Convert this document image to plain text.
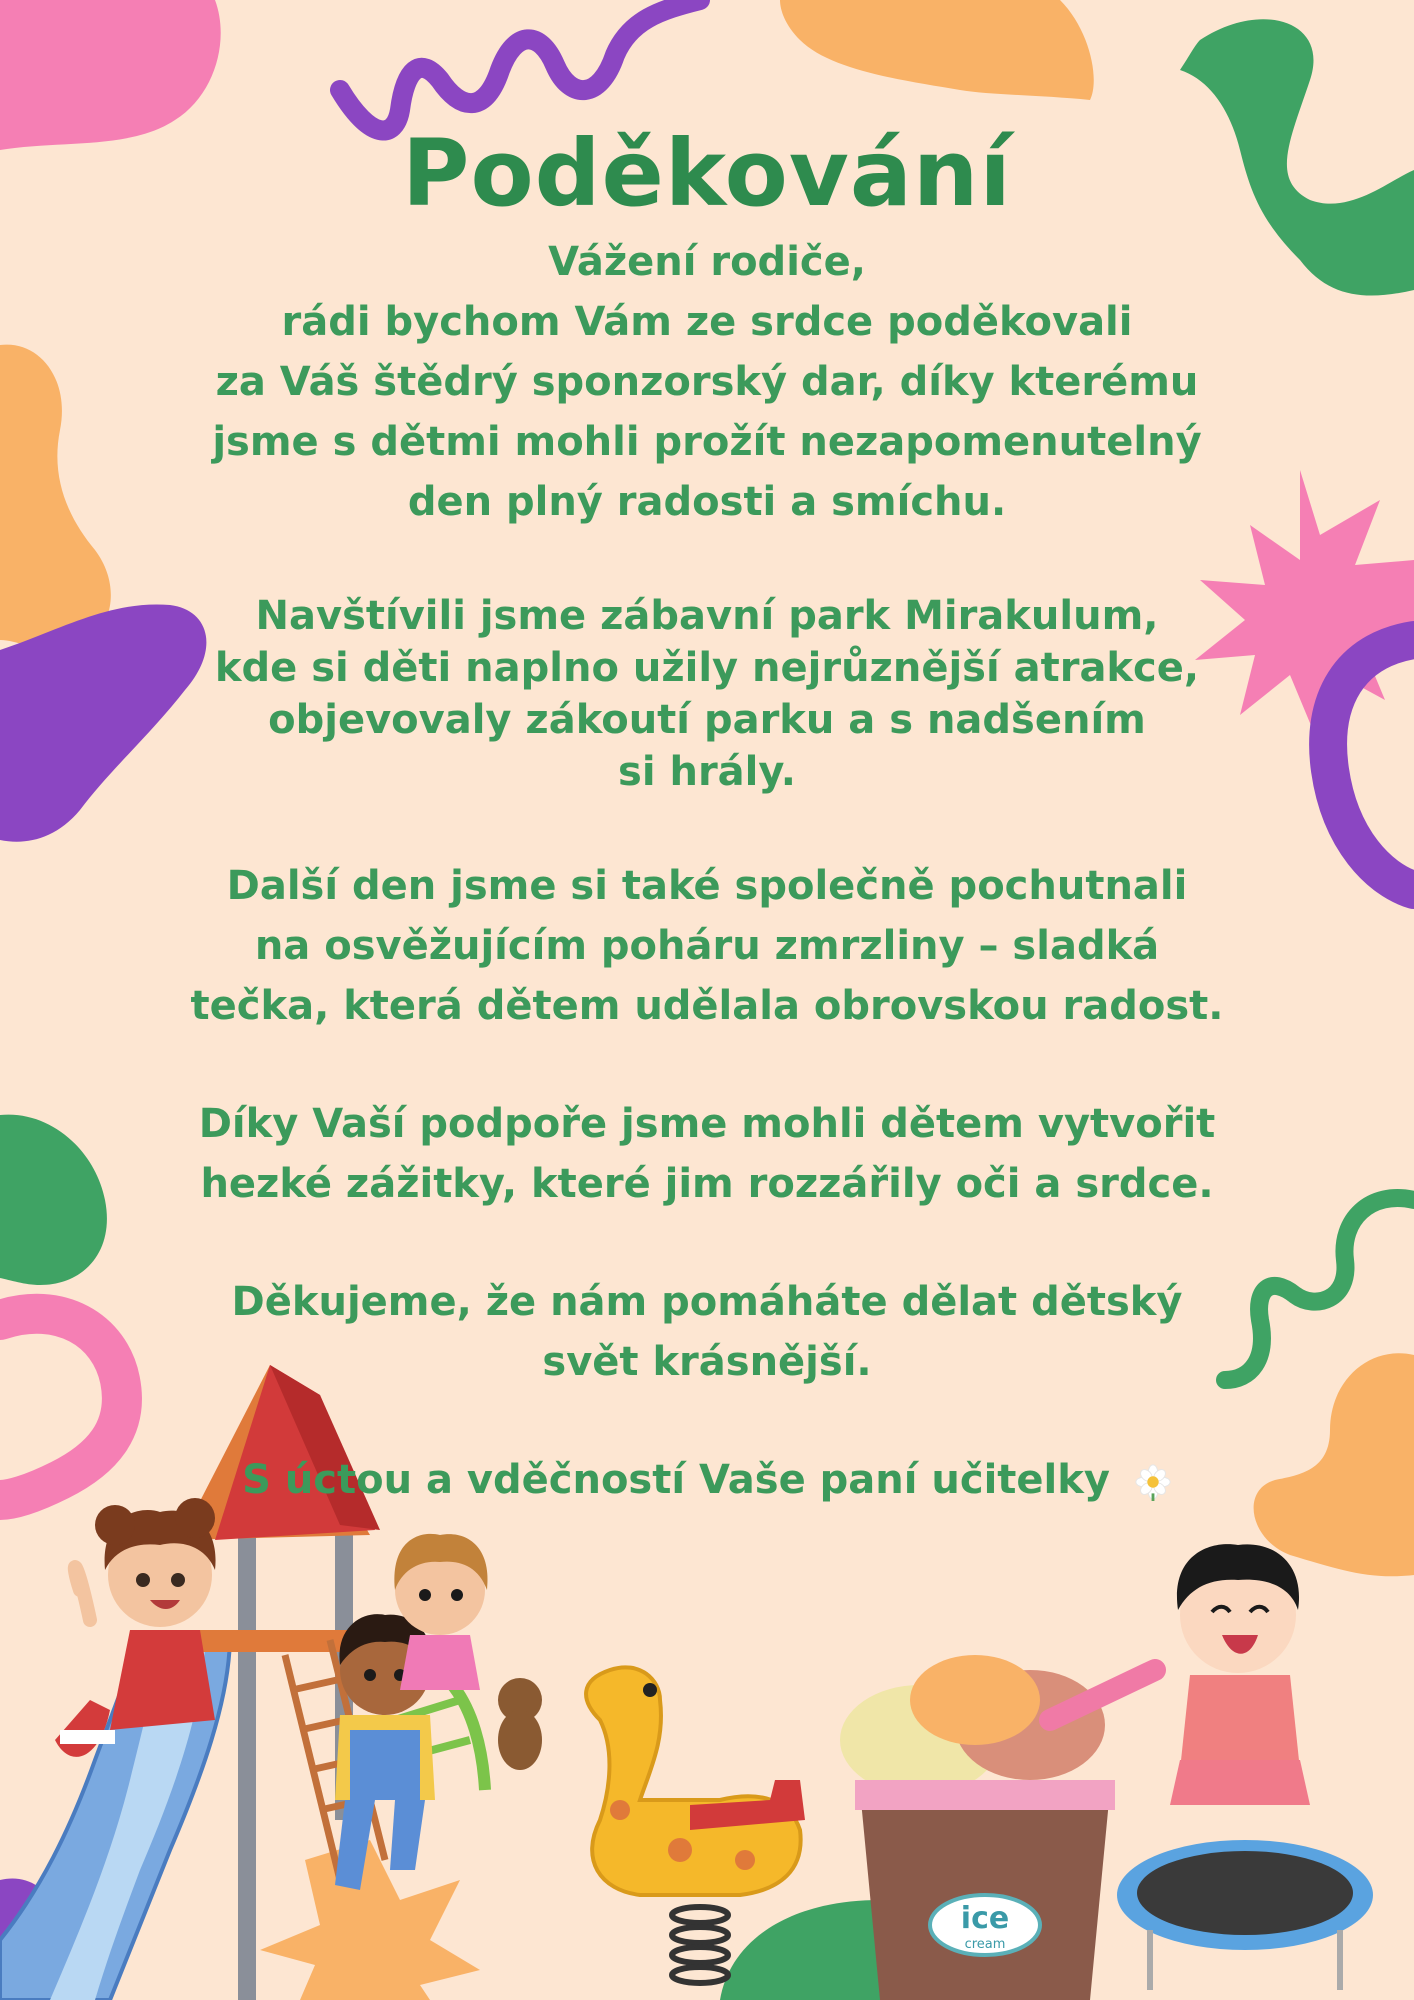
ice
cream
Poděkování

Vážení rodiče,
rádi bychom Vám ze srdce poděkovali
za Váš štědrý sponzorský dar, díky kterému
jsme s dětmi mohli prožít nezapomenutelný
den plný radosti a smíchu.

Navštívili jsme zábavní park Mirakulum,
kde si děti naplno užily nejrůznější atrakce,
objevovaly zákoutí parku a s nadšením
si hrály.

Další den jsme si také společně pochutnali
na osvěžujícím poháru zmrzliny – sladká
tečka, která dětem udělala obrovskou radost.

Díky Vaší podpoře jsme mohli dětem vytvořit
hezké zážitky, které jim rozzářily oči a srdce.

Děkujeme, že nám pomáháte dělat dětský
svět krásnější.

S úctou a vděčností Vaše paní učitelky
